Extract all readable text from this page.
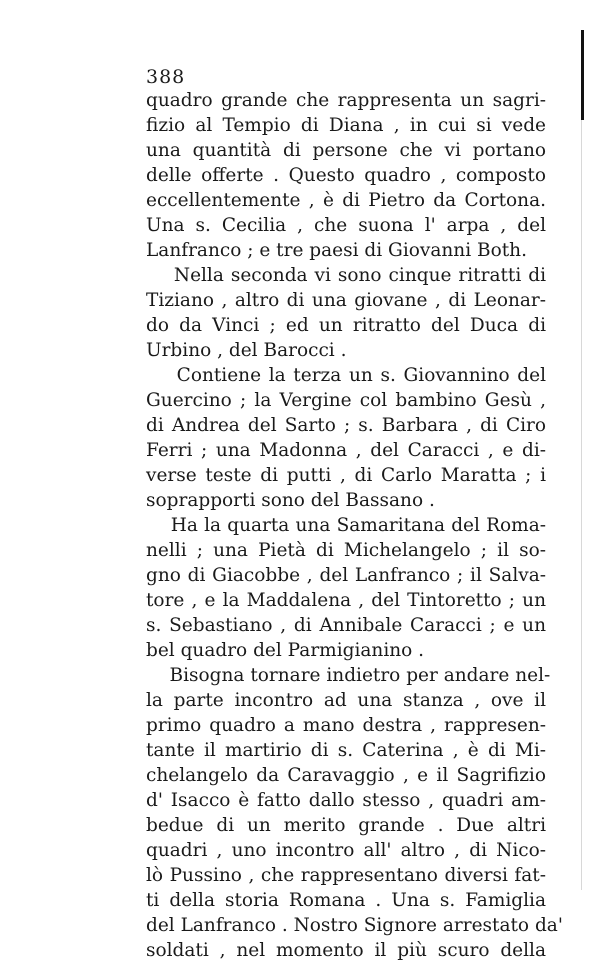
388
quadro grande che rappresenta un sagri-
fizio al Tempio di Diana , in cui si vede
una quantità di persone che vi portano
delle offerte . Questo quadro , composto
eccellentemente , è di Pietro da Cortona.
Una s. Cecilia , che suona l' arpa , del
Lanfranco ; e tre paesi di Giovanni Both.
Nella seconda vi sono cinque ritratti di
Tiziano , altro di una giovane , di Leonar-
do da Vinci ; ed un ritratto del Duca di
Urbino , del Barocci .
Contiene la terza un s. Giovannino del
Guercino ; la Vergine col bambino Gesù ,
di Andrea del Sarto ; s. Barbara , di Ciro
Ferri ; una Madonna , del Caracci , e di-
verse teste di putti , di Carlo Maratta ; i
soprapporti sono del Bassano .
Ha la quarta una Samaritana del Roma-
nelli ; una Pietà di Michelangelo ; il so-
gno di Giacobbe , del Lanfranco ; il Salva-
tore , e la Maddalena , del Tintoretto ; un
s. Sebastiano , di Annibale Caracci ; e un
bel quadro del Parmigianino .
Bisogna tornare indietro per andare nel-
la parte incontro ad una stanza , ove il
primo quadro a mano destra , rappresen-
tante il martirio di s. Caterina , è di Mi-
chelangelo da Caravaggio , e il Sagrifizio
d' Isacco è fatto dallo stesso , quadri am-
bedue di un merito grande . Due altri
quadri , uno incontro all' altro , di Nico-
lò Pussino , che rappresentano diversi fat-
ti della storia Romana . Una s. Famiglia
del Lanfranco . Nostro Signore arrestato da'
soldati , nel momento il più scuro della
